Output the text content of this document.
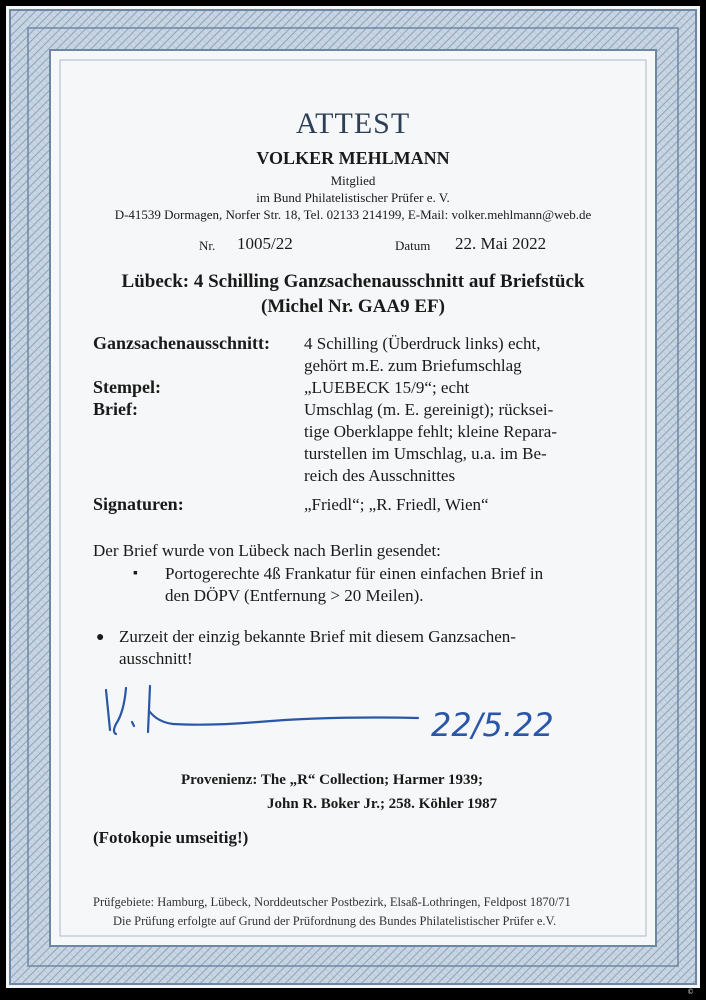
ATTEST
VOLKER MEHLMANN
Mitglied
im Bund Philatelistischer Prüfer e. V.
D-41539 Dormagen, Norfer Str. 18, Tel. 02133 214199, E-Mail: volker.mehlmann@web.de
Nr. 1005/22	Datum 22. Mai 2022
Lübeck: 4 Schilling Ganzsachenausschnitt auf Briefstück
(Michel Nr. GAA9 EF)
Ganzsachenausschnitt: 4 Schilling (Überdruck links) echt,
gehört m.E. zum Briefumschlag
Stempel:	„LUEBECK 15/9“; echt
Brief:	Umschlag (m. E. gereinigt); rücksei-
tige Oberklappe fehlt; kleine Repara-
turstellen im Umschlag, u.a. im Be-
reich des Ausschnittes
Signaturen:	„Friedl“; „R. Friedl, Wien“
Der Brief wurde von Lübeck nach Berlin gesendet:
▪ Portogerechte 4ß Frankatur für einen einfachen Brief in
den DÖPV (Entfernung > 20 Meilen).
● Zurzeit der einzig bekannte Brief mit diesem Ganzsachen-
ausschnitt!
22/5.22
Provenienz: The „R“ Collection; Harmer 1939;
John R. Boker Jr.; 258. Köhler 1987
(Fotokopie umseitig!)
Prüfgebiete: Hamburg, Lübeck, Norddeutscher Postbezirk, Elsaß-Lothringen, Feldpost 1870/71
Die Prüfung erfolgte auf Grund der Prüfordnung des Bundes Philatelistischer Prüfer e.V.
©
